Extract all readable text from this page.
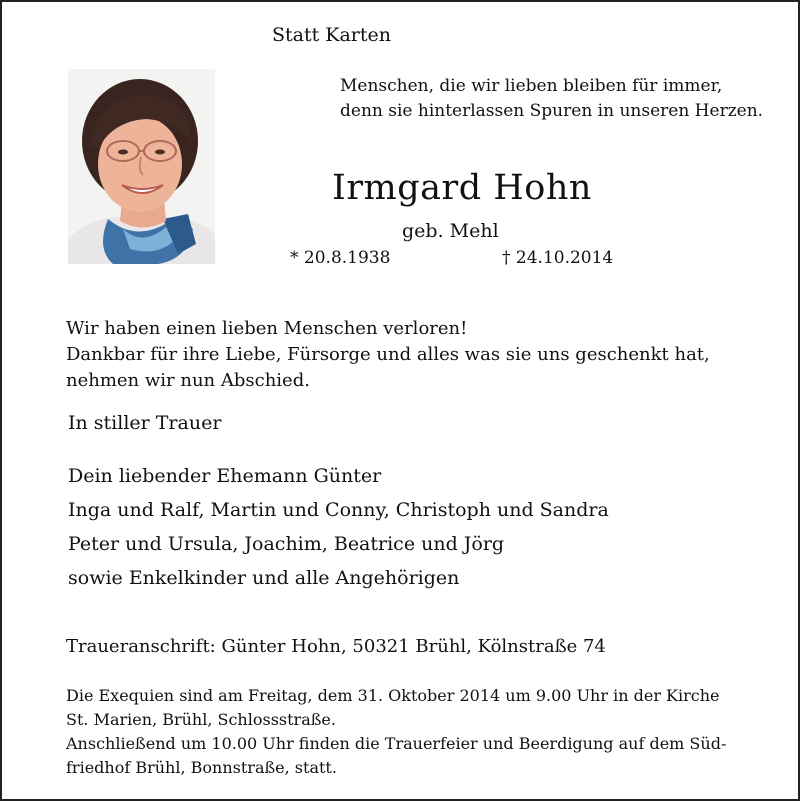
Statt Karten
Menschen, die wir lieben bleiben für immer,
denn sie hinterlassen Spuren in unseren Herzen.
Irmgard Hohn
geb. Mehl
* 20.8.1938	† 24.10.2014
Wir haben einen lieben Menschen verloren!
Dankbar für ihre Liebe, Fürsorge und alles was sie uns geschenkt hat,
nehmen wir nun Abschied.
In stiller Trauer
Dein liebender Ehemann Günter
Inga und Ralf, Martin und Conny, Christoph und Sandra
Peter und Ursula, Joachim, Beatrice und Jörg
sowie Enkelkinder und alle Angehörigen
Traueranschrift: Günter Hohn, 50321 Brühl, Kölnstraße 74
Die Exequien sind am Freitag, dem 31. Oktober 2014 um 9.00 Uhr in der Kirche
St. Marien, Brühl, Schlossstraße.
Anschließend um 10.00 Uhr finden die Trauerfeier und Beerdigung auf dem Süd-
friedhof Brühl, Bonnstraße, statt.
